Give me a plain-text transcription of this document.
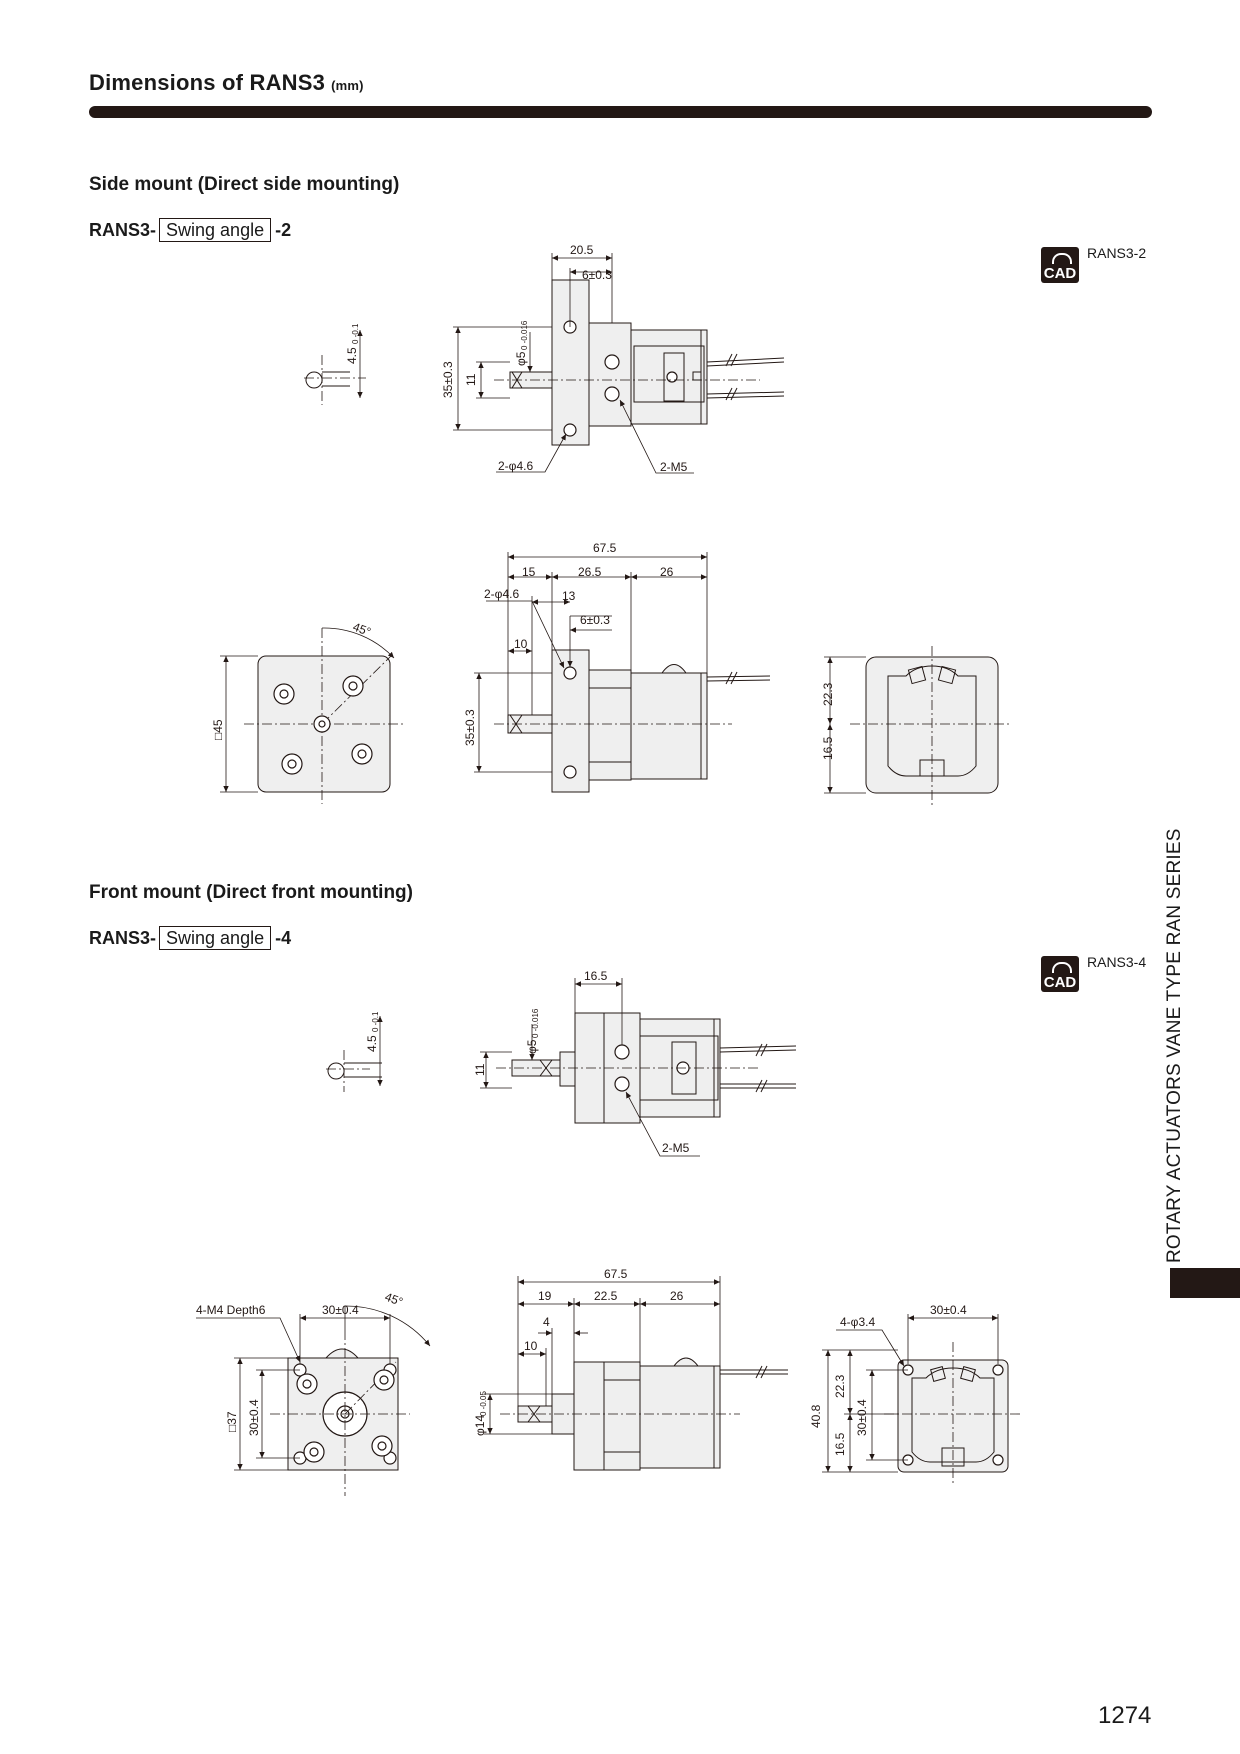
Dimensions of RANS3 (mm)
Side mount (Direct side mounting)
RANS3- Swing angle -2
CAD
RANS3-2
Front mount (Direct front mounting)
RANS3- Swing angle -4
CAD
RANS3-4
20.5
6±0.3
4.5
0 -0.1
φ5
0 -0.016
35±0.3 11
2-φ4.6	2-M5
67.5
15	26.5	26
2-φ4.6	13
6±0.3
10
35±0.3
45°
□45
22.3
16.5
16.5
4.5
0 -0.1
φ5
0 -0.016
11
2-M5
4-M4 Depth6	30±0.4
45°
□37 30±0.4
67.5
19	22.5	26
4
10
φ14
0 -0.05
4-φ3.4
30±0.4
40.8
22.3
16.5
30±0.4
ROTARY ACTUATORS VANE TYPE RAN SERIES
1274
